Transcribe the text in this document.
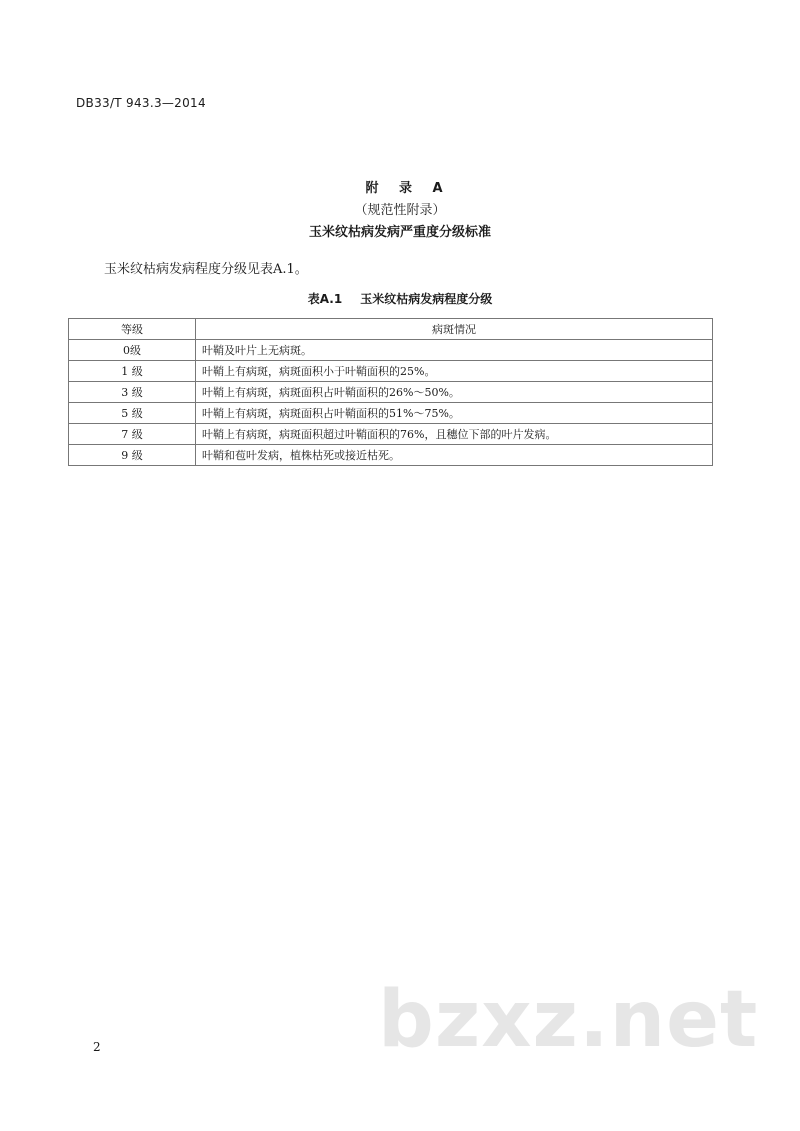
DB33/T 943.3—2014
附 录 A
（规范性附录）
玉米纹枯病发病严重度分级标准
玉米纹枯病发病程度分级见表A.1。
表A.1 玉米纹枯病发病程度分级
等级	病斑情况
0级	叶鞘及叶片上无病斑。
1 级	叶鞘上有病斑，病斑面积小于叶鞘面积的25%。
3 级	叶鞘上有病斑，病斑面积占叶鞘面积的26%～50%。
5 级	叶鞘上有病斑，病斑面积占叶鞘面积的51%～75%。
7 级	叶鞘上有病斑，病斑面积超过叶鞘面积的76%，且穗位下部的叶片发病。
9 级	叶鞘和苞叶发病，植株枯死或接近枯死。
2	bzxz.net
